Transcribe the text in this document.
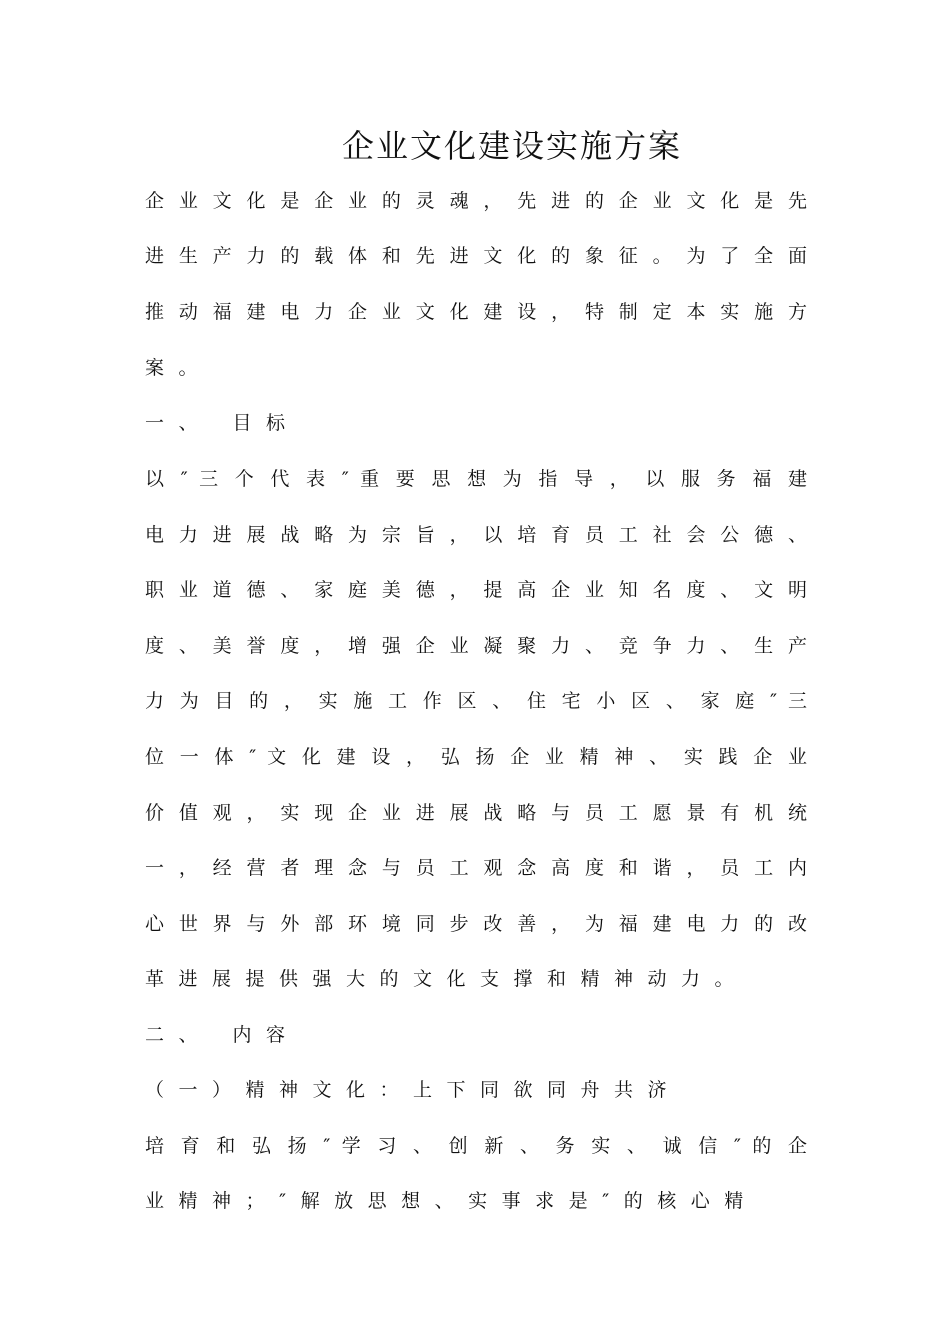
企业文化建设实施方案
企 业 文 化 是 企 业 的 灵 魂 ， 先 进 的 企 业 文 化 是 先
进 生 产 力 的 载 体 和 先 进 文 化 的 象 征 。 为 了 全 面
推 动 福 建 电 力 企 业 文 化 建 设 ， 特 制 定 本 实 施 方
案。
一、 目标
以 ″ 三 个 代 表 ″ 重 要 思 想 为 指 导 ， 以 服 务 福 建
电 力 进 展 战 略 为 宗 旨 ， 以 培 育 员 工 社 会 公 德 、
职 业 道 德 、 家 庭 美 德 ， 提 高 企 业 知 名 度 、 文 明
度 、 美 誉 度 ， 增 强 企 业 凝 聚 力 、 竞 争 力 、 生 产
力 为 目 的 ， 实 施 工 作 区 、 住 宅 小 区 、 家 庭 ″ 三
位 一 体 ″ 文 化 建 设 ， 弘 扬 企 业 精 神 、 实 践 企 业
价 值 观 ， 实 现 企 业 进 展 战 略 与 员 工 愿 景 有 机 统
一 ， 经 营 者 理 念 与 员 工 观 念 高 度 和 谐 ， 员 工 内
心 世 界 与 外 部 环 境 同 步 改 善 ， 为 福 建 电 力 的 改
革进展提供强大的文化支撑和精神动力。
二、 内容
（一）精神文化：上下同欲同舟共济
培 育 和 弘 扬 ″ 学 习 、 创 新 、 务 实 、 诚 信 ″ 的 企
业精神；″解放思想、实事求是″的核心精
